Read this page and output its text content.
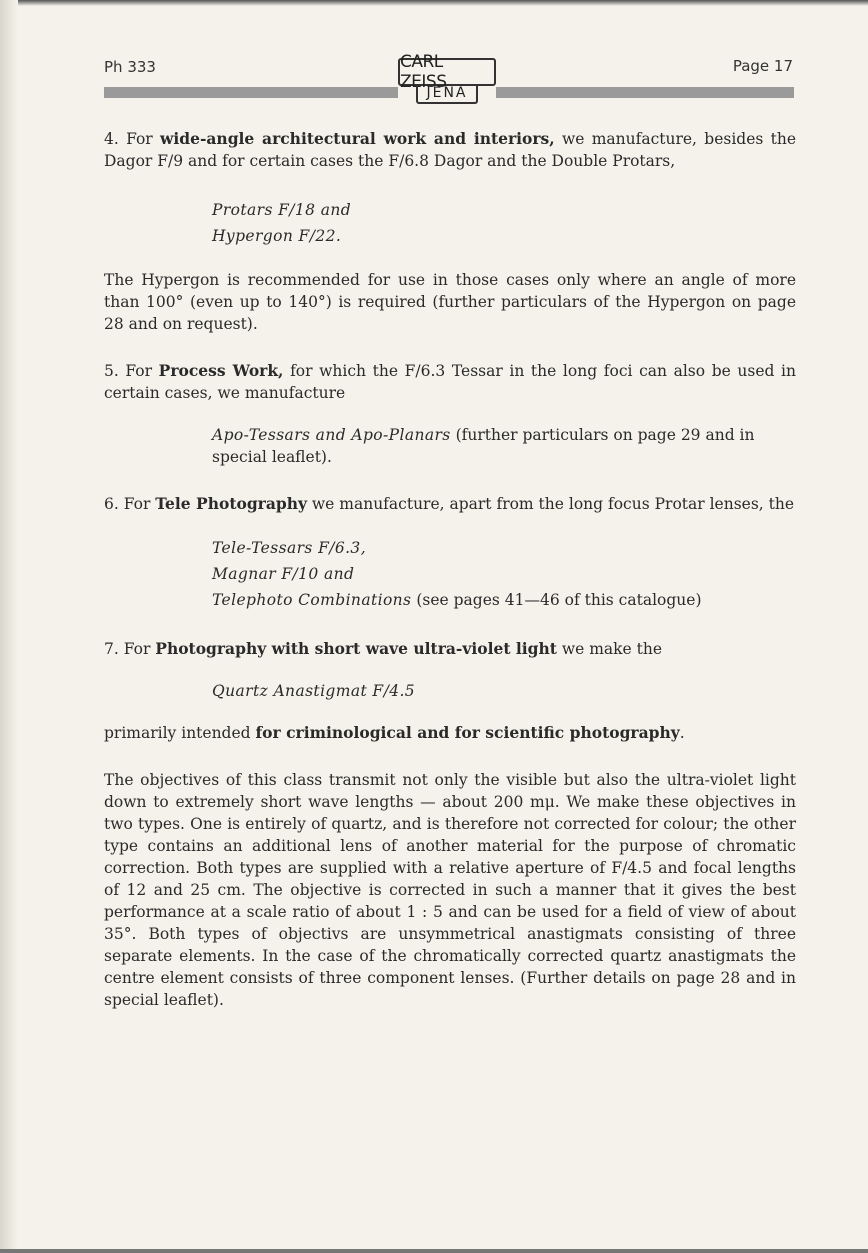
Ph 333	Page 17
CARL ZEISS
JENA

4. For wide-angle architectural work and interiors, we manufacture, besides the Dagor F/9 and for certain cases the F/6.8 Dagor and the Double Protars,

Protars F/18 and
Hypergon F/22.

The Hypergon is recommended for use in those cases only where an angle of more than 100° (even up to 140°) is required (further particulars of the Hypergon on page 28 and on request).

5. For Process Work, for which the F/6.3 Tessar in the long foci can also be used in certain cases, we manufacture

Apo-Tessars and Apo-Planars (further particulars on page 29 and in special leaflet).

6. For Tele Photography we manufacture, apart from the long focus Protar lenses, the

Tele-Tessars F/6.3,
Magnar F/10 and
Telephoto Combinations (see pages 41—46 of this catalogue)

7. For Photography with short wave ultra-violet light we make the

Quartz Anastigmat F/4.5

primarily intended for criminological and for scientific photography.

The objectives of this class transmit not only the visible but also the ultra-violet light down to extremely short wave lengths — about 200 mμ. We make these objectives in two types. One is entirely of quartz, and is therefore not corrected for colour; the other type contains an additional lens of another material for the purpose of chromatic correction. Both types are supplied with a relative aperture of F/4.5 and focal lengths of 12 and 25 cm. The objective is corrected in such a manner that it gives the best performance at a scale ratio of about 1 : 5 and can be used for a field of view of about 35°. Both types of objectivs are unsymmetrical anastigmats consisting of three separate elements. In the case of the chromatically corrected quartz anastigmats the centre element consists of three component lenses. (Further details on page 28 and in special leaflet).
